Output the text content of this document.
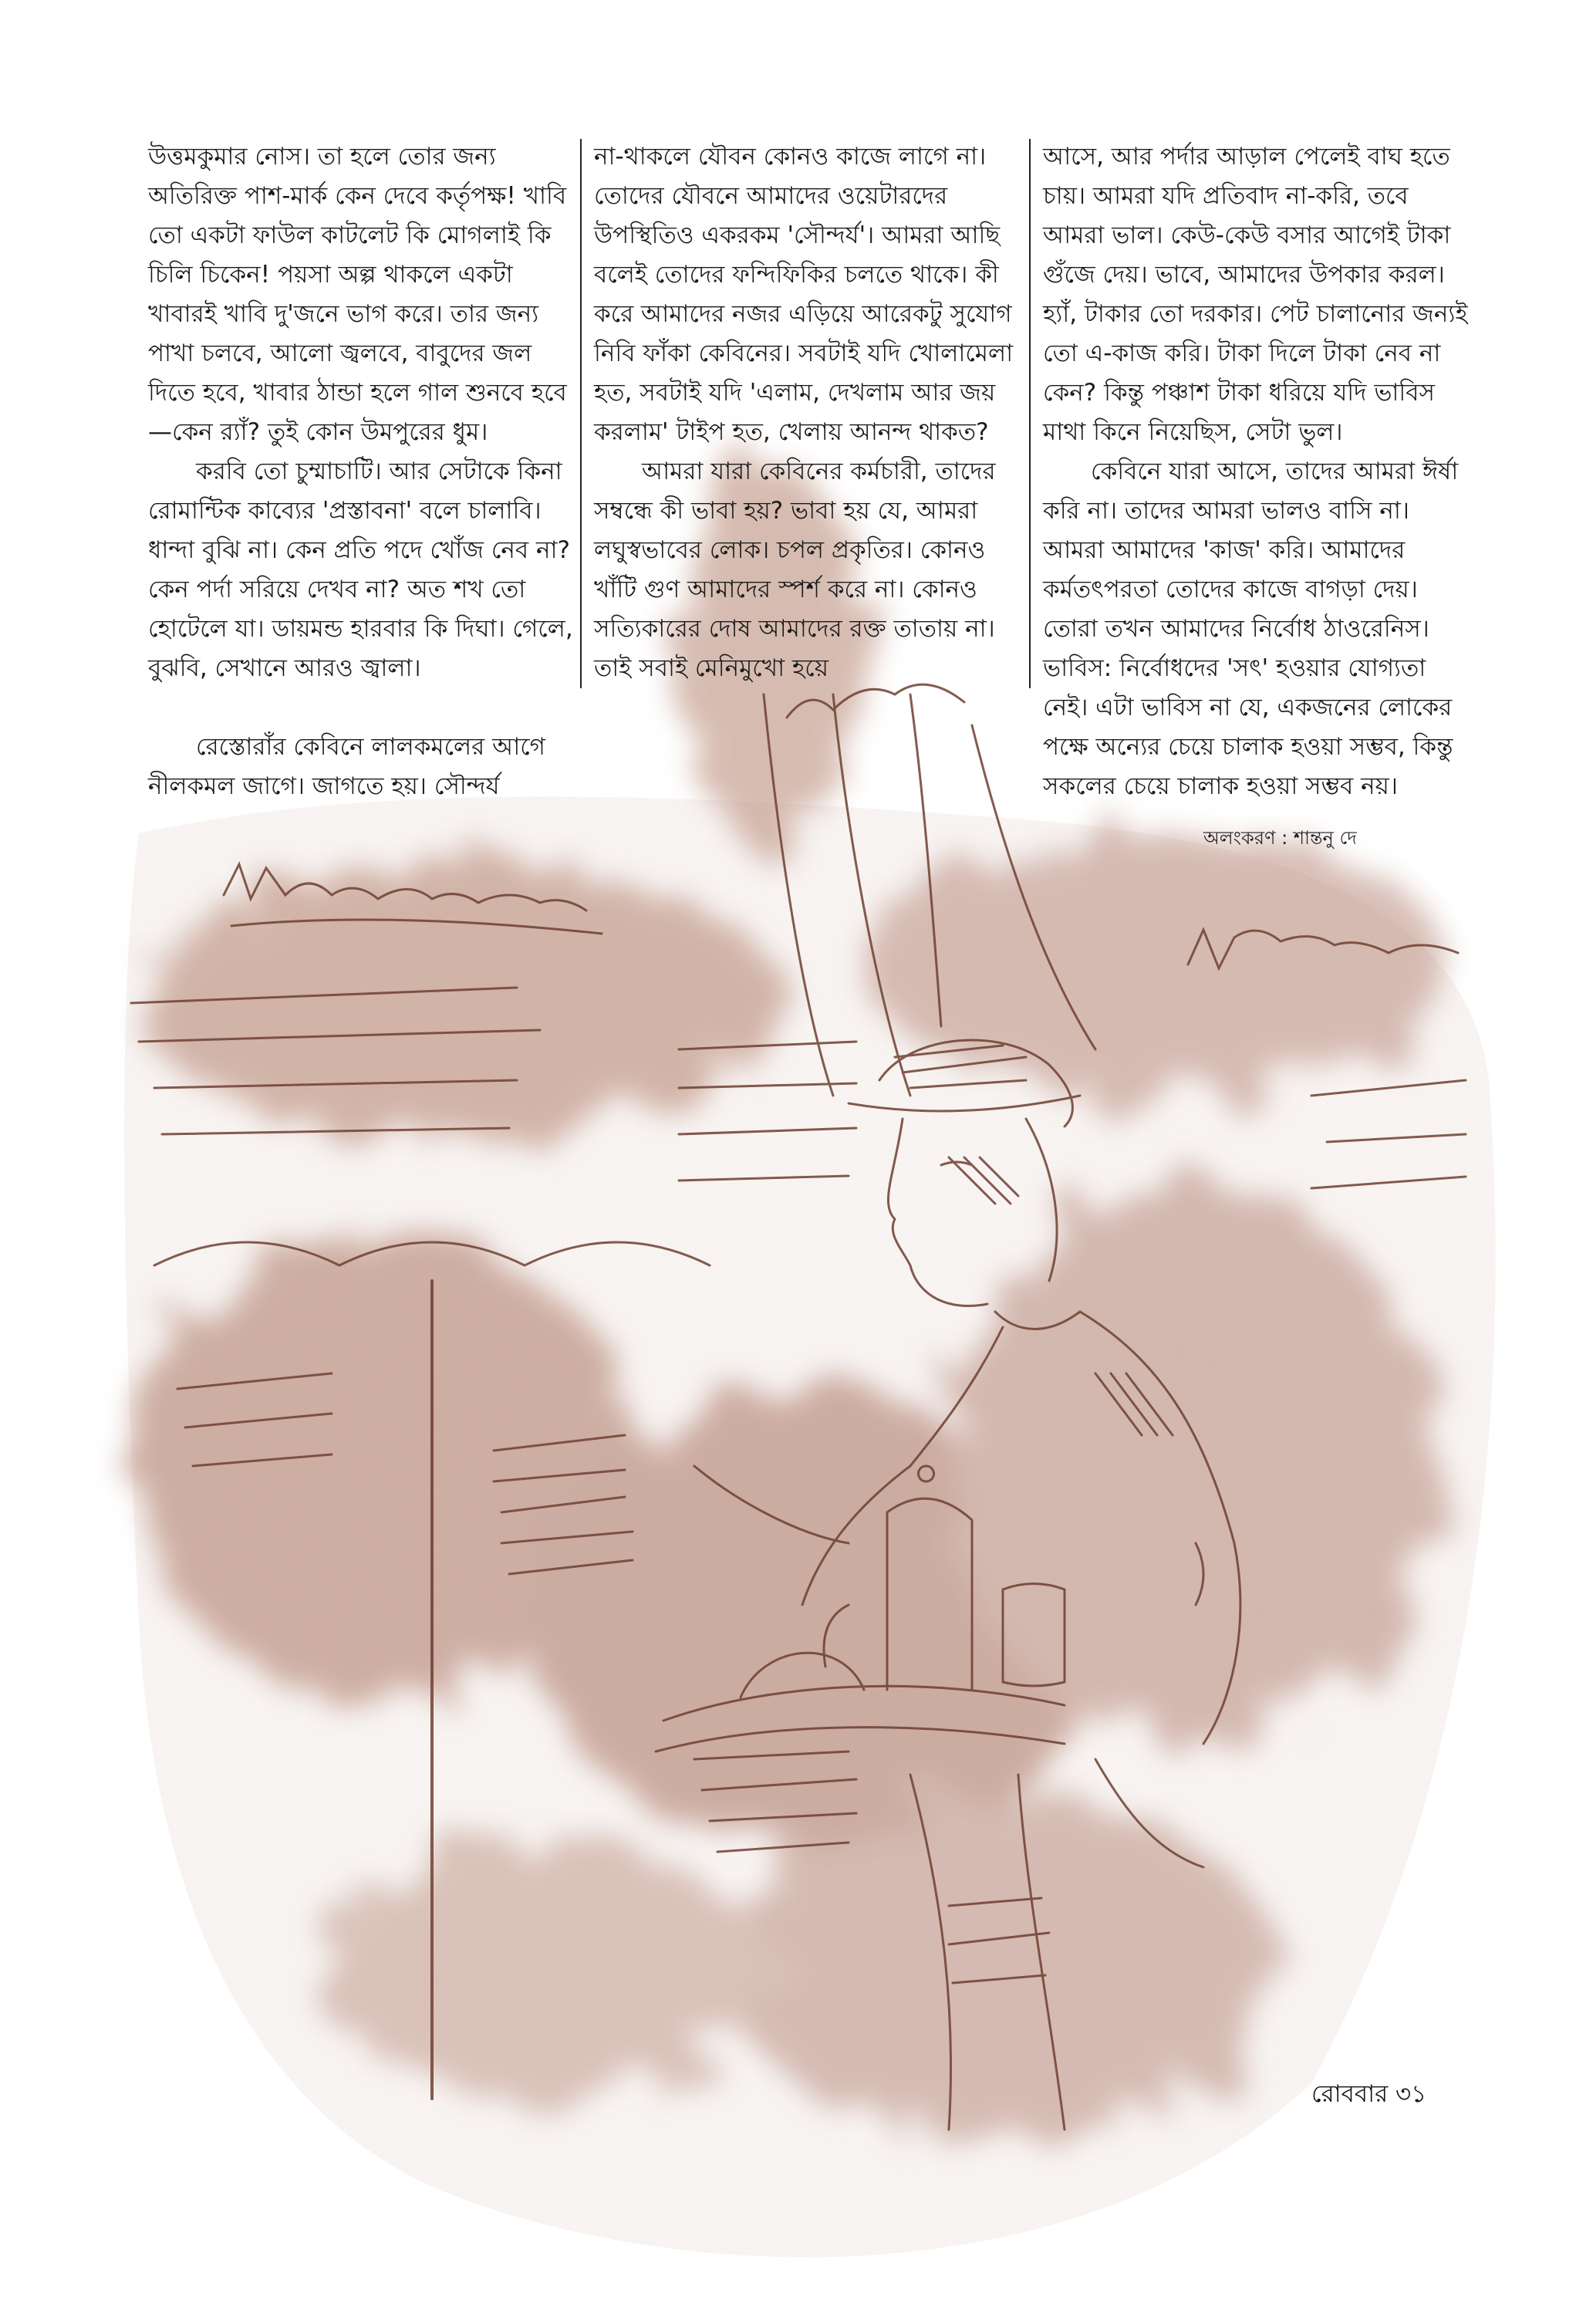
উত্তমকুমার নোস। তা হলে তোর জন্য অতিরিক্ত পাশ-মার্ক কেন দেবে কর্তৃপক্ষ! খাবি তো একটা ফাউল কাটলেট কি মোগলাই কি চিলি চিকেন! পয়সা অল্প থাকলে একটা খাবারই খাবি দু'জনে ভাগ করে। তার জন্য পাখা চলবে, আলো জ্বলবে, বাবুদের জল দিতে হবে, খাবার ঠান্ডা হলে গাল শুনবে হবে—কেন র‍্যাঁ? তুই কোন উমপুরের ধুম।

করবি তো চুম্মাচাটি। আর সেটাকে কিনা রোমান্টিক কাব্যের 'প্রস্তাবনা' বলে চালাবি। ধান্দা বুঝি না। কেন প্রতি পদে খোঁজ নেব না? কেন পর্দা সরিয়ে দেখব না? অত শখ তো হোটেলে যা। ডায়মন্ড হারবার কি দিঘা। গেলে, বুঝবি, সেখানে আরও জ্বালা।

রেস্তোরাঁর কেবিনে লালকমলের আগে নীলকমল জাগে। জাগতে হয়। সৌন্দর্য

না-থাকলে যৌবন কোনও কাজে লাগে না। তোদের যৌবনে আমাদের ওয়েটারদের উপস্থিতিও একরকম 'সৌন্দর্য'। আমরা আছি বলেই তোদের ফন্দিফিকির চলতে থাকে। কী করে আমাদের নজর এড়িয়ে আরেকটু সুযোগ নিবি ফাঁকা কেবিনের। সবটাই যদি খোলামেলা হত, সবটাই যদি 'এলাম, দেখলাম আর জয় করলাম' টাইপ হত, খেলায় আনন্দ থাকত?

আমরা যারা কেবিনের কর্মচারী, তাদের সম্বন্ধে কী ভাবা হয়? ভাবা হয় যে, আমরা লঘুস্বভাবের লোক। চপল প্রকৃতির। কোনও খাঁটি গুণ আমাদের স্পর্শ করে না। কোনও সত্যিকারের দোষ আমাদের রক্ত তাতায় না। তাই সবাই মেনিমুখো হয়ে

আসে, আর পর্দার আড়াল পেলেই বাঘ হতে চায়। আমরা যদি প্রতিবাদ না-করি, তবে আমরা ভাল। কেউ-কেউ বসার আগেই টাকা গুঁজে দেয়। ভাবে, আমাদের উপকার করল। হ্যাঁ, টাকার তো দরকার। পেট চালানোর জন্যই তো এ-কাজ করি। টাকা দিলে টাকা নেব না কেন? কিন্তু পঞ্চাশ টাকা ধরিয়ে যদি ভাবিস মাথা কিনে নিয়েছিস, সেটা ভুল।

কেবিনে যারা আসে, তাদের আমরা ঈর্ষা করি না। তাদের আমরা ভালও বাসি না। আমরা আমাদের 'কাজ' করি। আমাদের কর্মতৎপরতা তোদের কাজে বাগড়া দেয়। তোরা তখন আমাদের নির্বোধ ঠাওরেনিস। ভাবিস: নির্বোধদের 'সৎ' হওয়ার যোগ্যতা নেই। এটা ভাবিস না যে, একজনের লোকের পক্ষে অন্যের চেয়ে চালাক হওয়া সম্ভব, কিন্তু সকলের চেয়ে চালাক হওয়া সম্ভব নয়।

অলংকরণ : শান্তনু দে
রোববার ৩১
